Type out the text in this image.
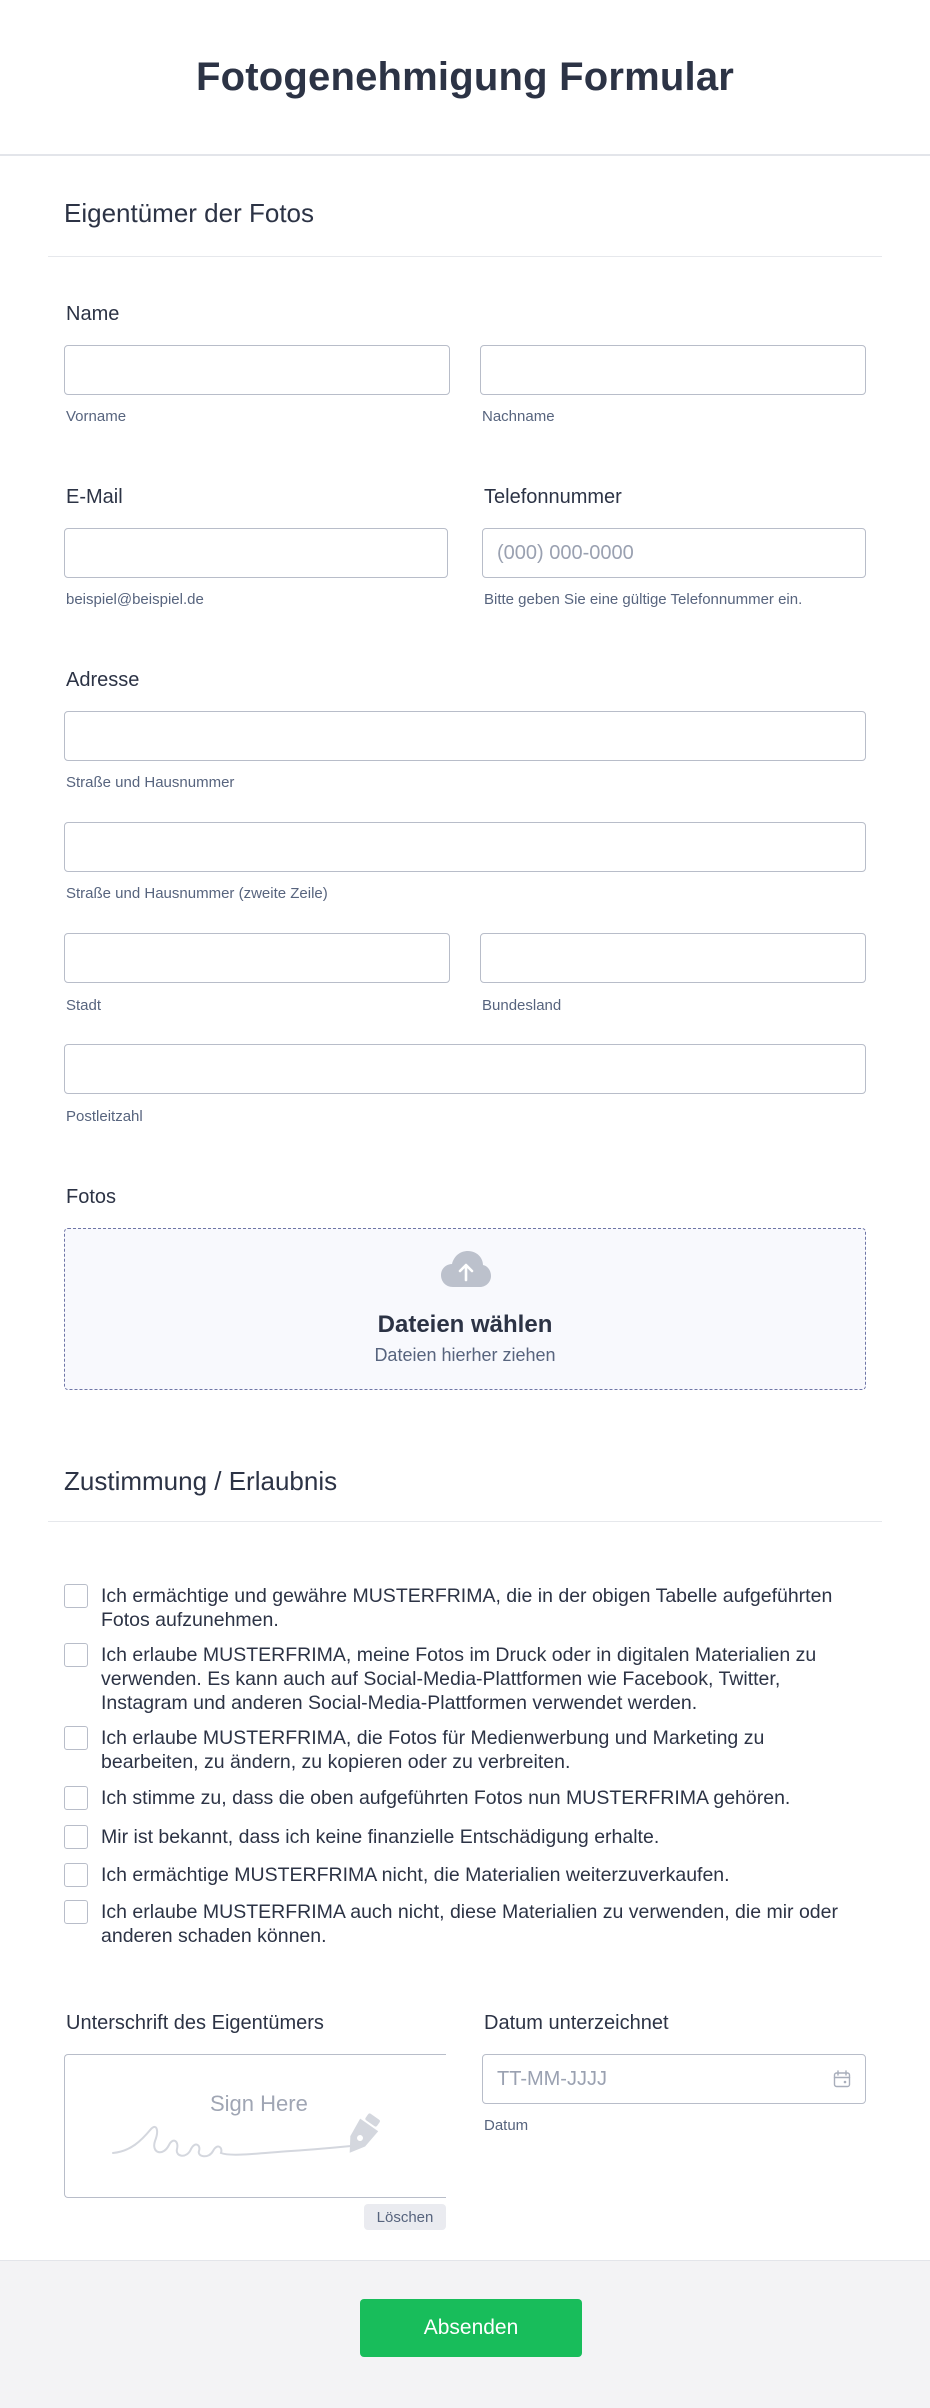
Fotogenehmigung Formular
Eigentümer der Fotos
Name
Vorname	Nachname
E-Mail	Telefonnummer
(000) 000-0000
beispiel@beispiel.de	Bitte geben Sie eine gültige Telefonnummer ein.
Adresse
Straße und Hausnummer
Straße und Hausnummer (zweite Zeile)
Stadt	Bundesland
Postleitzahl
Fotos
Dateien wählen
Dateien hierher ziehen
Zustimmung / Erlaubnis
Ich ermächtige und gewähre MUSTERFRIMA, die in der obigen Tabelle aufgeführten Fotos aufzunehmen.
Ich erlaube MUSTERFRIMA, meine Fotos im Druck oder in digitalen Materialien zu verwenden. Es kann auch auf Social-Media-Plattformen wie Facebook, Twitter, Instagram und anderen Social-Media-Plattformen verwendet werden.
Ich erlaube MUSTERFRIMA, die Fotos für Medienwerbung und Marketing zu bearbeiten, zu ändern, zu kopieren oder zu verbreiten.
Ich stimme zu, dass die oben aufgeführten Fotos nun MUSTERFRIMA gehören.
Mir ist bekannt, dass ich keine finanzielle Entschädigung erhalte.
Ich ermächtige MUSTERFRIMA nicht, die Materialien weiterzuverkaufen.
Ich erlaube MUSTERFRIMA auch nicht, diese Materialien zu verwenden, die mir oder anderen schaden können.
Unterschrift des Eigentümers	Datum unterzeichnet
Sign Here
Löschen
TT-MM-JJJJ
Datum
Absenden
